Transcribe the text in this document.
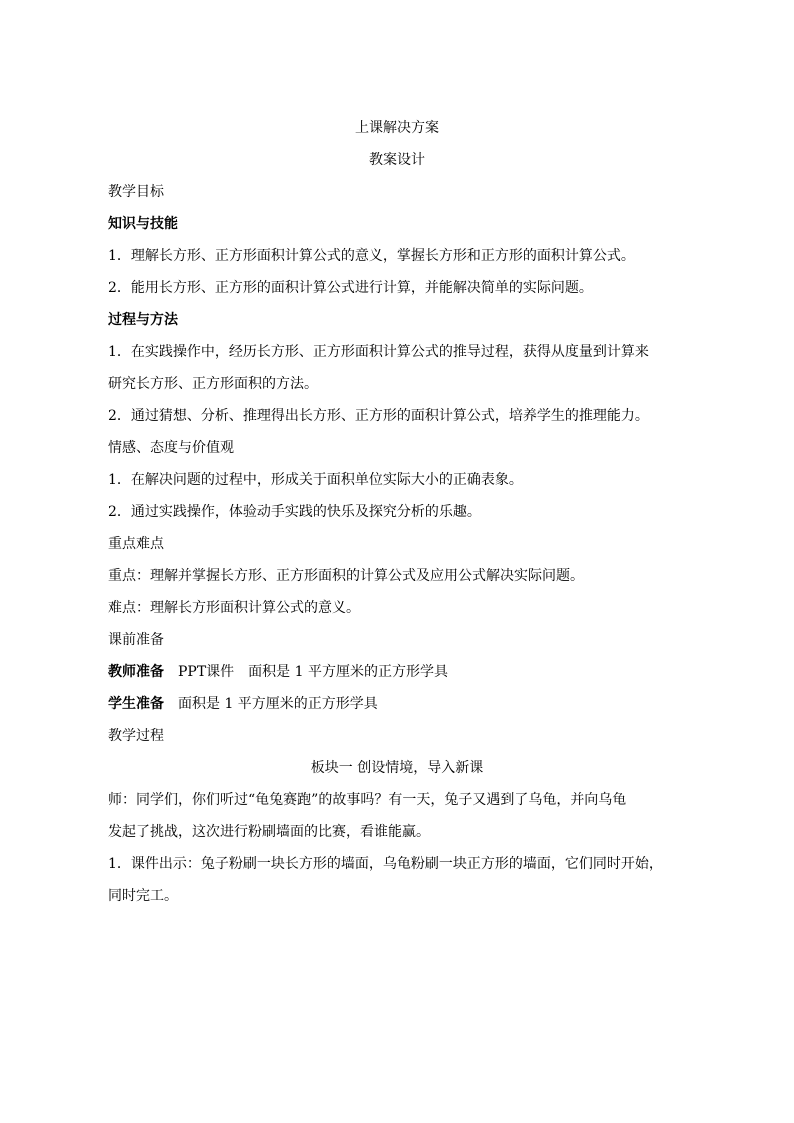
上课解决方案
教案设计
教学目标
知识与技能
1．理解长方形、正方形面积计算公式的意义，掌握长方形和正方形的面积计算公式。
2．能用长方形、正方形的面积计算公式进行计算，并能解决简单的实际问题。
过程与方法
1．在实践操作中，经历长方形、正方形面积计算公式的推导过程，获得从度量到计算来
研究长方形、正方形面积的方法。
2．通过猜想、分析、推理得出长方形、正方形的面积计算公式，培养学生的推理能力。
情感、态度与价值观
1．在解决问题的过程中，形成关于面积单位实际大小的正确表象。
2．通过实践操作，体验动手实践的快乐及探究分析的乐趣。
重点难点
重点：理解并掌握长方形、正方形面积的计算公式及应用公式解决实际问题。
难点：理解长方形面积计算公式的意义。
课前准备
教师准备 PPT课件　面积是 1 平方厘米的正方形学具
学生准备 面积是 1 平方厘米的正方形学具
教学过程
板块一 创设情境，导入新课
师：同学们，你们听过“龟兔赛跑”的故事吗？有一天，兔子又遇到了乌龟，并向乌龟
发起了挑战，这次进行粉刷墙面的比赛，看谁能赢。
1．课件出示：兔子粉刷一块长方形的墙面，乌龟粉刷一块正方形的墙面，它们同时开始，
同时完工。
